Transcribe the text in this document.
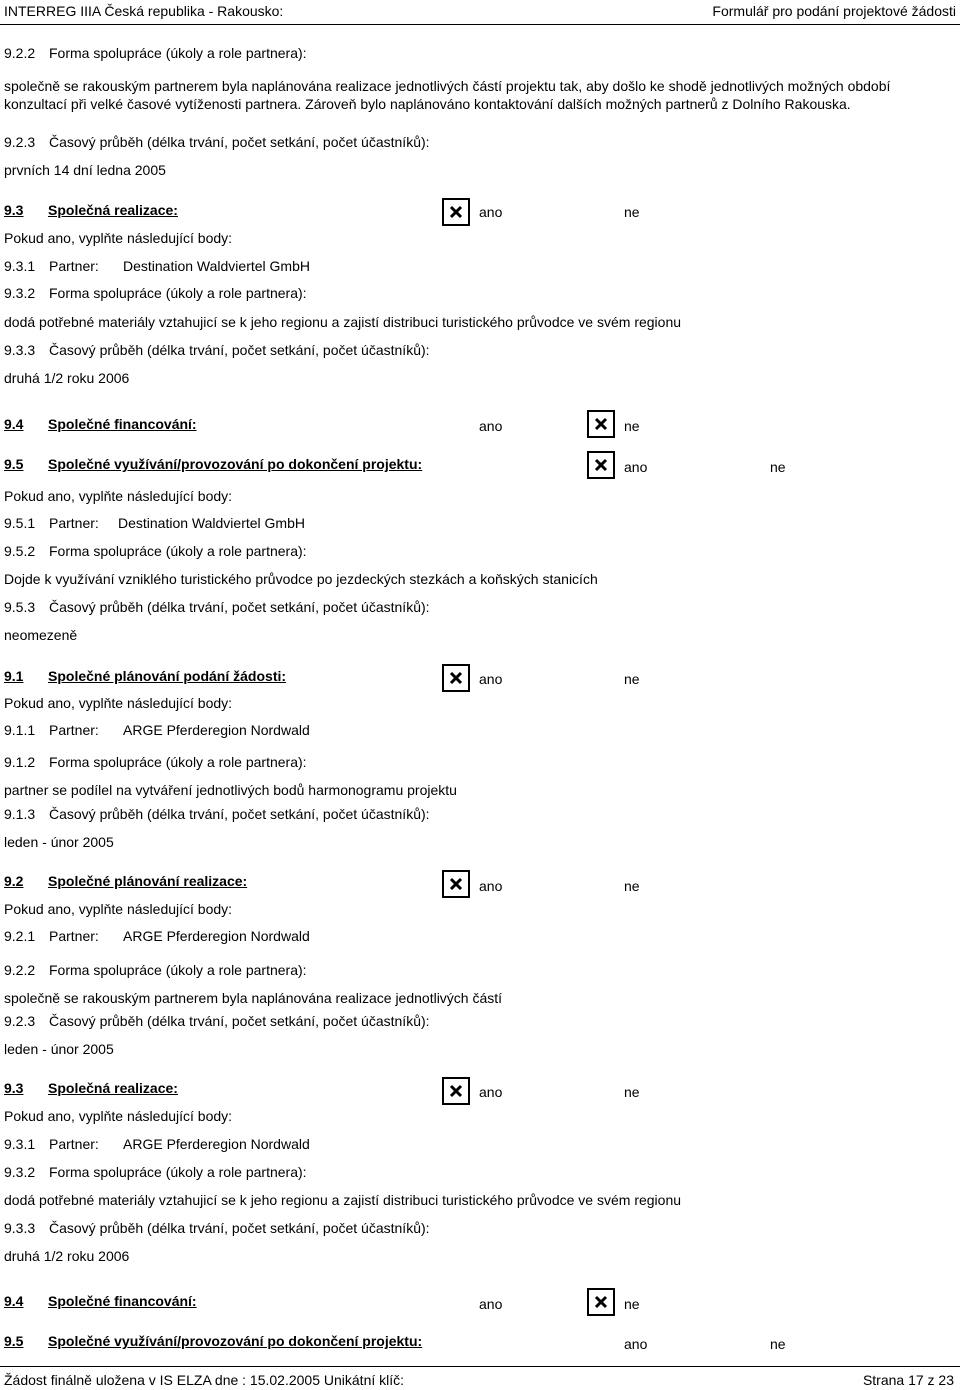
INTERREG IIIA Česká republika - Rakousko:	Formulář pro podání projektové žádosti
9.2.2 Forma spolupráce (úkoly a role partnera):
společně se rakouským partnerem byla naplánována realizace jednotlivých částí projektu tak, aby došlo ke shodě jednotlivých možných období konzultací při velké časové vytíženosti partnera. Zároveň bylo naplánováno kontaktování dalších možných partnerů z Dolního Rakouska.
9.2.3 Časový průběh (délka trvání, počet setkání, počet účastníků):
prvních 14 dní ledna 2005
9.3 Společná realizace:	ano	ne
Pokud ano, vyplňte následující body:
9.3.1 Partner: Destination Waldviertel GmbH
9.3.2 Forma spolupráce (úkoly a role partnera):
dodá potřebné materiály vztahujicí se k jeho regionu a zajistí distribuci turistického průvodce ve svém regionu
9.3.3 Časový průběh (délka trvání, počet setkání, počet účastníků):
druhá 1/2 roku 2006
9.4 Společné financování:	ano	ne
9.5 Společné využívání/provozování po dokončení projektu:	ano	ne
Pokud ano, vyplňte následující body:
9.5.1 Partner: Destination Waldviertel GmbH
9.5.2 Forma spolupráce (úkoly a role partnera):
Dojde k využívání vzniklého turistického průvodce po jezdeckých stezkách a koňských stanicích
9.5.3 Časový průběh (délka trvání, počet setkání, počet účastníků):
neomezeně
9.1 Společné plánování podání žádosti:	ano	ne
Pokud ano, vyplňte následující body:
9.1.1 Partner: ARGE Pferderegion Nordwald
9.1.2 Forma spolupráce (úkoly a role partnera):
partner se podílel na vytváření jednotlivých bodů harmonogramu projektu
9.1.3 Časový průběh (délka trvání, počet setkání, počet účastníků):
leden - únor 2005
9.2 Společné plánování realizace:	ano	ne
Pokud ano, vyplňte následující body:
9.2.1 Partner: ARGE Pferderegion Nordwald
9.2.2 Forma spolupráce (úkoly a role partnera):
společně se rakouským partnerem byla naplánována realizace jednotlivých částí
9.2.3 Časový průběh (délka trvání, počet setkání, počet účastníků):
leden - únor 2005
9.3 Společná realizace:	ano	ne
Pokud ano, vyplňte následující body:
9.3.1 Partner: ARGE Pferderegion Nordwald
9.3.2 Forma spolupráce (úkoly a role partnera):
dodá potřebné materiály vztahujicí se k jeho regionu a zajistí distribuci turistického průvodce ve svém regionu
9.3.3 Časový průběh (délka trvání, počet setkání, počet účastníků):
druhá 1/2 roku 2006
9.4 Společné financování:	ano	ne
9.5 Společné využívání/provozování po dokončení projektu:	ano	ne
Žádost finálně uložena v IS ELZA dne : 15.02.2005 Unikátní klíč:	Strana 17 z 23
